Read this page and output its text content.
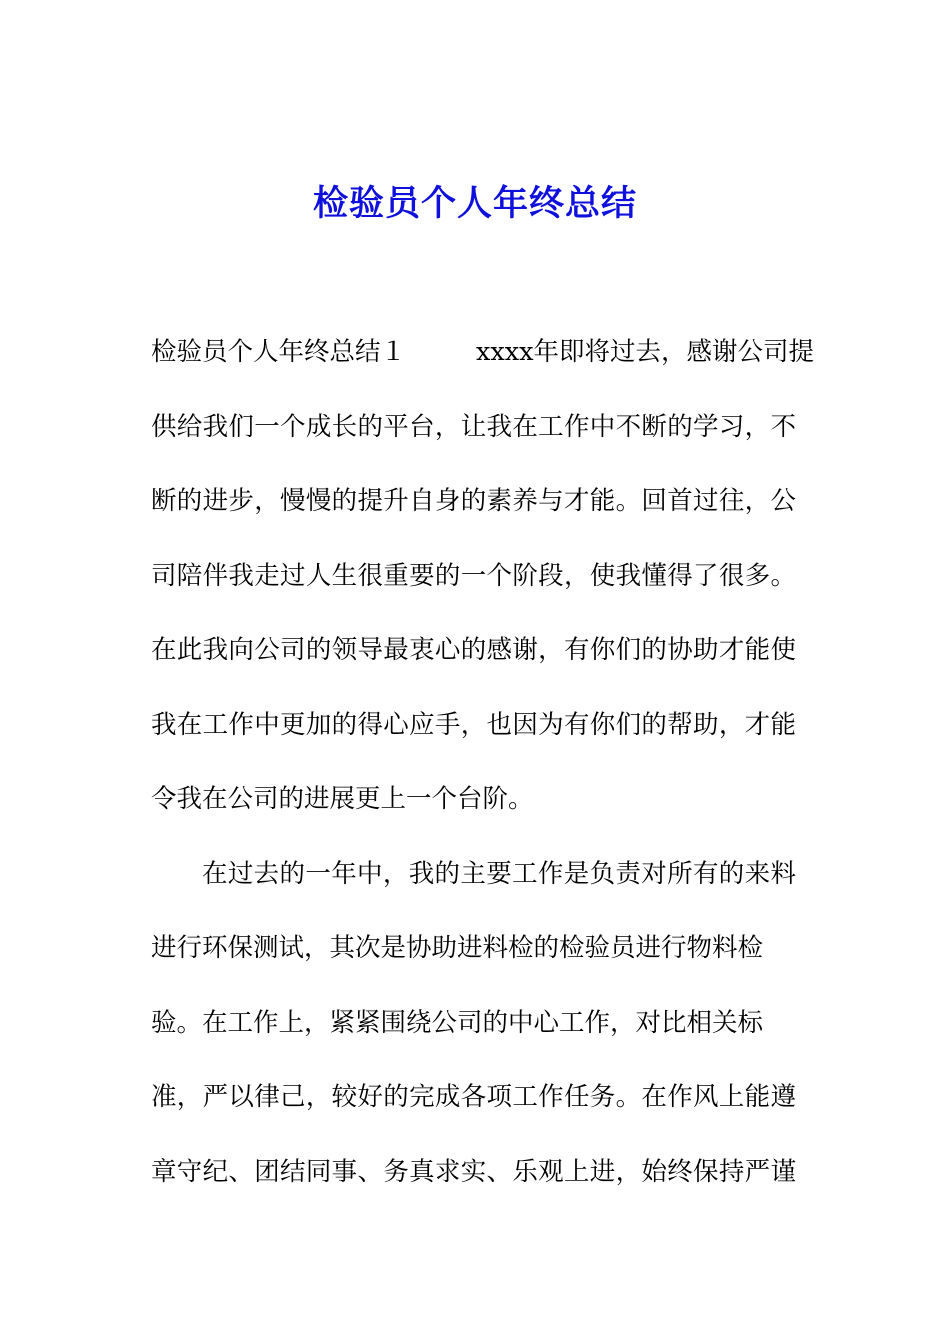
检验员个人年终总结
检验员个人年终总结１	xxxx年即将过去，感谢公司提
供给我们一个成长的平台，让我在工作中不断的学习，不
断的进步，慢慢的提升自身的素养与才能。回首过往，公
司陪伴我走过人生很重要的一个阶段，使我懂得了很多。
在此我向公司的领导最衷心的感谢，有你们的协助才能使
我在工作中更加的得心应手，也因为有你们的帮助，才能
令我在公司的进展更上一个台阶。
在过去的一年中，我的主要工作是负责对所有的来料
进行环保测试，其次是协助进料检的检验员进行物料检
验。在工作上，紧紧围绕公司的中心工作，对比相关标
准，严以律己，较好的完成各项工作任务。在作风上能遵
章守纪、团结同事、务真求实、乐观上进，始终保持严谨
